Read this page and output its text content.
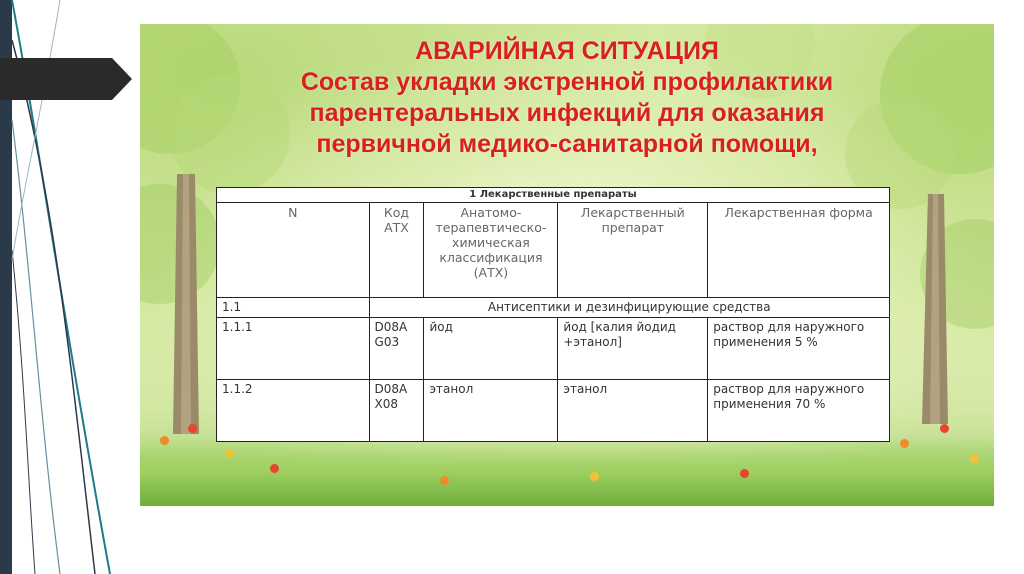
АВАРИЙНАЯ СИТУАЦИЯ
Состав укладки экстренной профилактики
парентеральных инфекций для оказания
первичной медико-санитарной помощи,
1 Лекарственные препараты				
N	Код АТХ	Анатомо-терапевтическо-химическая классификация (АТХ)	Лекарственный препарат	Лекарственная форма
1.1	Антисептики и дезинфицирующие средства			
1.1.1	D08A G03	йод	йод [калия йодид +этанол]	раствор для наружного применения 5 %
1.1.2	D08A X08	этанол	этанол	раствор для наружного применения 70 %
